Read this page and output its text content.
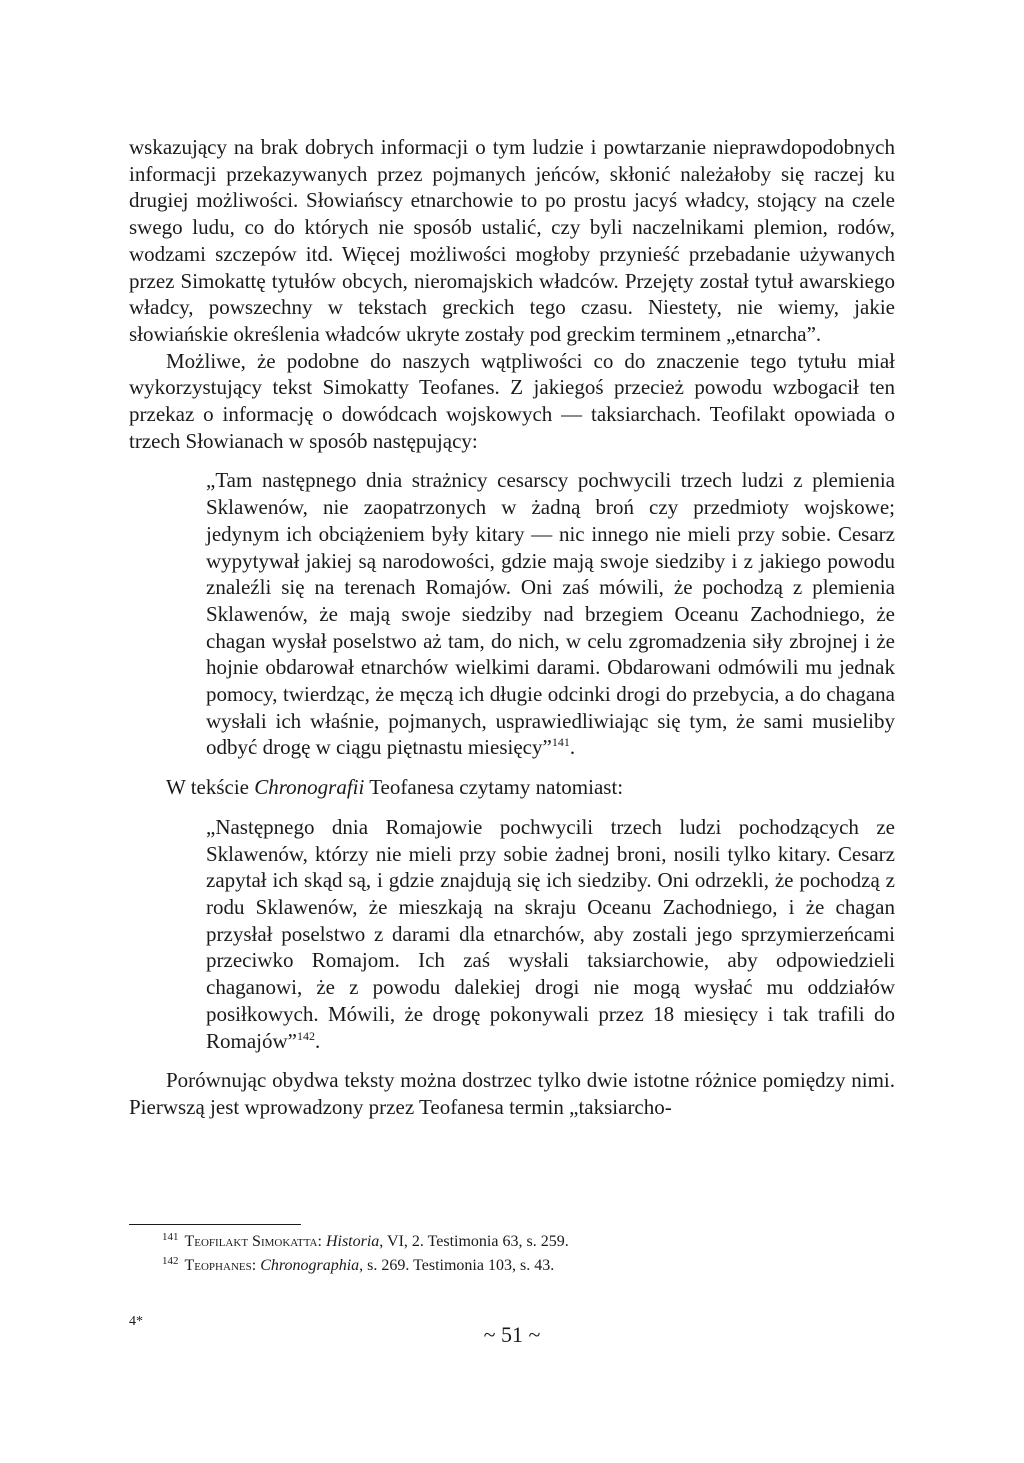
wskazujący na brak dobrych informacji o tym ludzie i powtarzanie nieprawdopodobnych informacji przekazywanych przez pojmanych jeńców, skłonić należałoby się raczej ku drugiej możliwości. Słowiańscy etnarchowie to po prostu jacyś władcy, stojący na czele swego ludu, co do których nie sposób ustalić, czy byli naczelnikami plemion, rodów, wodzami szczepów itd. Więcej możliwości mogłoby przynieść przebadanie używanych przez Simokattę tytułów obcych, nieromajskich władców. Przejęty został tytuł awarskiego władcy, powszechny w tekstach greckich tego czasu. Niestety, nie wiemy, jakie słowiańskie określenia władców ukryte zostały pod greckim terminem „etnarcha”.

Możliwe, że podobne do naszych wątpliwości co do znaczenie tego tytułu miał wykorzystujący tekst Simokatty Teofanes. Z jakiegoś przecież powodu wzbogacił ten przekaz o informację o dowódcach wojskowych — taksiarchach. Teofilakt opowiada o trzech Słowianach w sposób następujący:

„Tam następnego dnia strażnicy cesarscy pochwycili trzech ludzi z plemienia Sklawenów, nie zaopatrzonych w żadną broń czy przedmioty wojskowe; jedynym ich obciążeniem były kitary — nic innego nie mieli przy sobie. Cesarz wypytywał jakiej są narodowości, gdzie mają swoje siedziby i z jakiego powodu znaleźli się na terenach Romajów. Oni zaś mówili, że pochodzą z plemienia Sklawenów, że mają swoje siedziby nad brzegiem Oceanu Zachodniego, że chagan wysłał poselstwo aż tam, do nich, w celu zgromadzenia siły zbrojnej i że hojnie obdarował etnarchów wielkimi darami. Obdarowani odmówili mu jednak pomocy, twierdząc, że męczą ich długie odcinki drogi do przebycia, a do chagana wysłali ich właśnie, pojmanych, usprawiedliwiając się tym, że sami musieliby odbyć drogę w ciągu piętnastu miesięcy”$^{141}$.

W tekście Chronografii Teofanesa czytamy natomiast:

„Następnego dnia Romajowie pochwycili trzech ludzi pochodzących ze Sklawenów, którzy nie mieli przy sobie żadnej broni, nosili tylko kitary. Cesarz zapytał ich skąd są, i gdzie znajdują się ich siedziby. Oni odrzekli, że pochodzą z rodu Sklawenów, że mieszkają na skraju Oceanu Zachodniego, i że chagan przysłał poselstwo z darami dla etnarchów, aby zostali jego sprzymierzeńcami przeciwko Romajom. Ich zaś wysłali taksiarchowie, aby odpowiedzieli chaganowi, że z powodu dalekiej drogi nie mogą wysłać mu oddziałów posiłkowych. Mówili, że drogę pokonywali przez 18 miesięcy i tak trafili do Romajów”$^{142}$.

Porównując obydwa teksty można dostrzec tylko dwie istotne różnice pomiędzy nimi. Pierwszą jest wprowadzony przez Teofanesa termin „taksiarcho-

$^{141}$ Teofilakt Simokatta: Historia, VI, 2. Testimonia 63, s. 259.
$^{142}$ Teophanes: Chronographia, s. 269. Testimonia 103, s. 43.
4*
~ 51 ~
